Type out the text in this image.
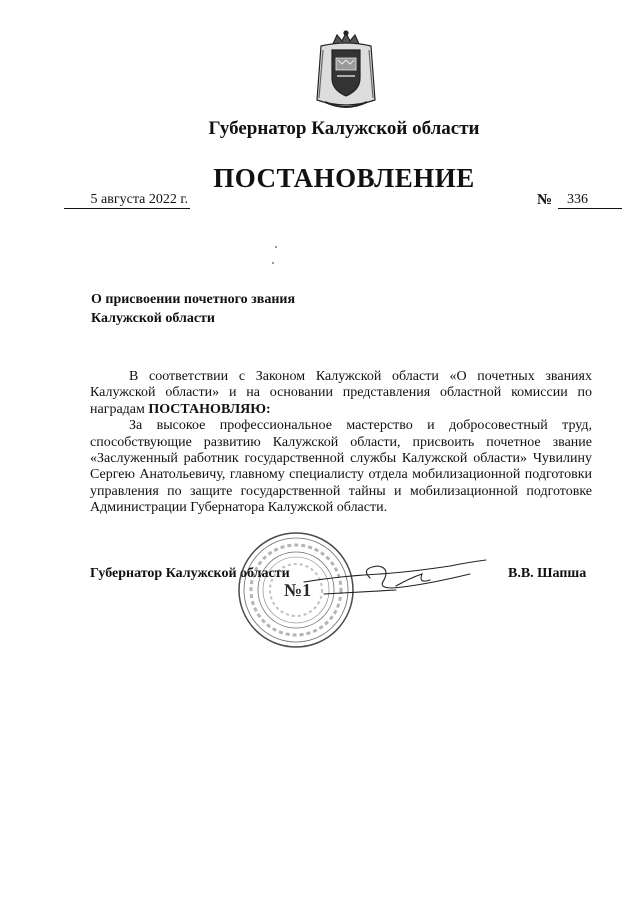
Губернатор Калужской области
ПОСТАНОВЛЕНИЕ
5 августа 2022 г.	№	336
О присвоении почетного звания
Калужской области

В соответствии с Законом Калужской области «О почетных званиях Калужской области» и на основании представления областной комиссии по наградам ПОСТАНОВЛЯЮ:

За высокое профессиональное мастерство и добросовестный труд, способствующие развитию Калужской области, присвоить почетное звание «Заслуженный работник государственной службы Калужской области» Чувилину Сергею Анатольевичу, главному специалисту отдела мобилизационной подготовки управления по защите государственной тайны и мобилизационной подготовке Администрации Губернатора Калужской области.

Губернатор Калужской области	В.В. Шапша
№1
